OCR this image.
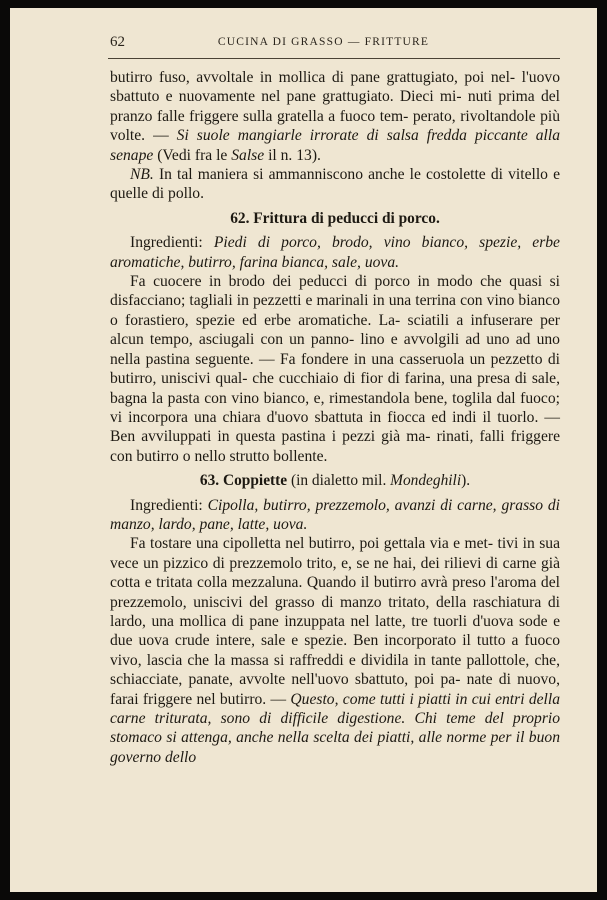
62	CUCINA DI GRASSO — FRITTURE

butirro fuso, avvoltale in mollica di pane grattugiato, poi nel- l'uovo sbattuto e nuovamente nel pane grattugiato. Dieci mi- nuti prima del pranzo falle friggere sulla gratella a fuoco tem- perato, rivoltandole più volte. — Si suole mangiarle irrorate di salsa fredda piccante alla senape (Vedi fra le Salse il n. 13).

NB. In tal maniera si ammanniscono anche le costolette di vitello e quelle di pollo.

62. Frittura di peducci di porco.

Ingredienti: Piedi di porco, brodo, vino bianco, spezie, erbe aromatiche, butirro, farina bianca, sale, uova.

Fa cuocere in brodo dei peducci di porco in modo che quasi si disfacciano; tagliali in pezzetti e marinali in una terrina con vino bianco o forastiero, spezie ed erbe aromatiche. La- sciatili a infuserare per alcun tempo, asciugali con un panno- lino e avvolgili ad uno ad uno nella pastina seguente. — Fa fondere in una casseruola un pezzetto di butirro, uniscivi qual- che cucchiaio di fior di farina, una presa di sale, bagna la pasta con vino bianco, e, rimestandola bene, toglila dal fuoco; vi incorpora una chiara d'uovo sbattuta in fiocca ed indi il tuorlo. — Ben avviluppati in questa pastina i pezzi già ma- rinati, falli friggere con butirro o nello strutto bollente.

63. Coppiette (in dialetto mil. Mondeghili).

Ingredienti: Cipolla, butirro, prezzemolo, avanzi di carne, grasso di manzo, lardo, pane, latte, uova.

Fa tostare una cipolletta nel butirro, poi gettala via e met- tivi in sua vece un pizzico di prezzemolo trito, e, se ne hai, dei rilievi di carne già cotta e tritata colla mezzaluna. Quando il butirro avrà preso l'aroma del prezzemolo, uniscivi del grasso di manzo tritato, della raschiatura di lardo, una mollica di pane inzuppata nel latte, tre tuorli d'uova sode e due uova crude intere, sale e spezie. Ben incorporato il tutto a fuoco vivo, lascia che la massa si raffreddi e dividila in tante pallottole, che, schiacciate, panate, avvolte nell'uovo sbattuto, poi pa- nate di nuovo, farai friggere nel butirro. — Questo, come tutti i piatti in cui entri della carne triturata, sono di difficile digestione. Chi teme del proprio stomaco si attenga, anche nella scelta dei piatti, alle norme per il buon governo dello
